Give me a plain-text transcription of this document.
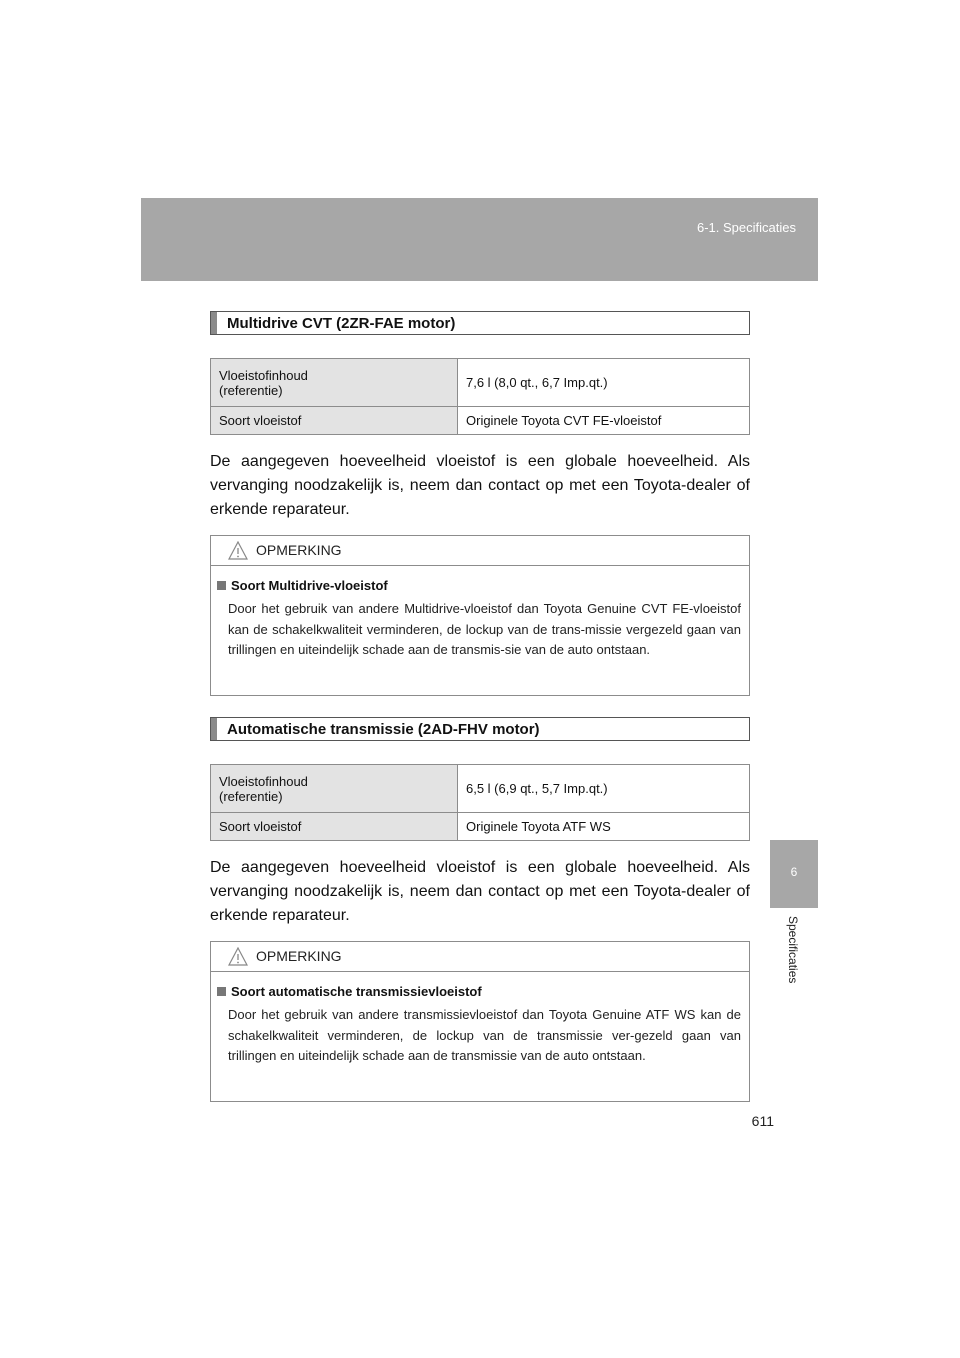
6-1. Specificaties
6
Specificaties
Multidrive CVT (2ZR-FAE motor)
Vloeistofinhoud
(referentie)	7,6 l (8,0 qt., 6,7 Imp.qt.)
Soort vloeistof	Originele Toyota CVT FE-vloeistof

De aangegeven hoeveelheid vloeistof is een globale hoeveelheid. Als vervanging noodzakelijk is, neem dan contact op met een Toyota-dealer of erkende reparateur.

OPMERKING
Soort Multidrive-vloeistof

Door het gebruik van andere Multidrive-vloeistof dan Toyota Genuine CVT FE-vloeistof kan de schakelkwaliteit verminderen, de lockup van de trans-missie vergezeld gaan van trillingen en uiteindelijk schade aan de transmis-sie van de auto ontstaan.

Automatische transmissie (2AD-FHV motor)
Vloeistofinhoud
(referentie)	6,5 l (6,9 qt., 5,7 Imp.qt.)
Soort vloeistof	Originele Toyota ATF WS

De aangegeven hoeveelheid vloeistof is een globale hoeveelheid. Als vervanging noodzakelijk is, neem dan contact op met een Toyota-dealer of erkende reparateur.

OPMERKING
Soort automatische transmissievloeistof

Door het gebruik van andere transmissievloeistof dan Toyota Genuine ATF WS kan de schakelkwaliteit verminderen, de lockup van de transmissie ver-gezeld gaan van trillingen en uiteindelijk schade aan de transmissie van de auto ontstaan.

611
